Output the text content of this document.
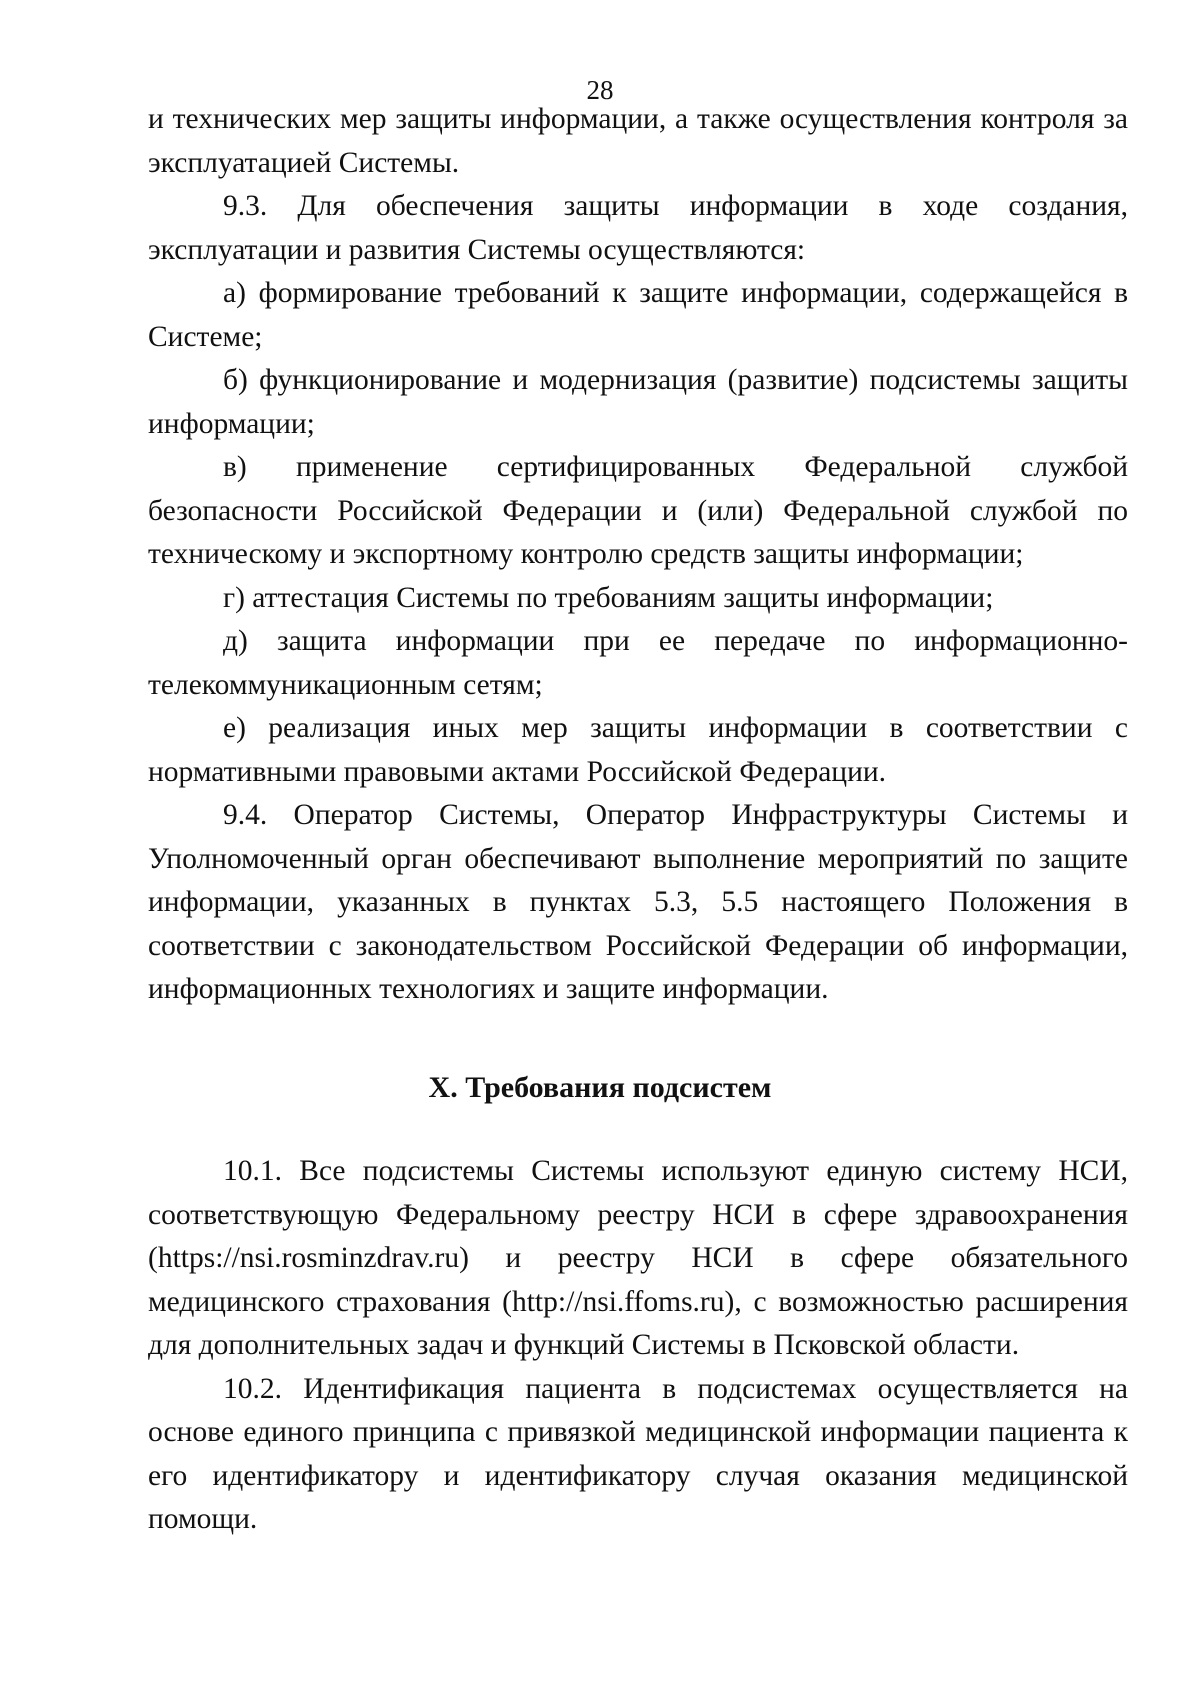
28

и технических мер защиты информации, а также осуществления контроля за эксплуатацией Системы.

9.3. Для обеспечения защиты информации в ходе создания, эксплуатации и развития Системы осуществляются:

а) формирование требований к защите информации, содержащейся в Системе;

б) функционирование и модернизация (развитие) подсистемы защиты информации;

в) применение сертифицированных Федеральной службой безопасности Российской Федерации и (или) Федеральной службой по техническому и экспортному контролю средств защиты информации;

г) аттестация Системы по требованиям защиты информации;

д) защита информации при ее передаче по информационно-телекоммуникационным сетям;

е) реализация иных мер защиты информации в соответствии с нормативными правовыми актами Российской Федерации.

9.4. Оператор Системы, Оператор Инфраструктуры Системы и Уполномоченный орган обеспечивают выполнение мероприятий по защите информации, указанных в пунктах 5.3, 5.5 настоящего Положения в соответствии с законодательством Российской Федерации об информации, информационных технологиях и защите информации.

X. Требования подсистем

10.1. Все подсистемы Системы используют единую систему НСИ, соответствующую Федеральному реестру НСИ в сфере здравоохранения (https://nsi.rosminzdrav.ru) и реестру НСИ в сфере обязательного медицинского страхования (http://nsi.ffoms.ru), с возможностью расширения для дополнительных задач и функций Системы в Псковской области.

10.2. Идентификация пациента в подсистемах осуществляется на основе единого принципа с привязкой медицинской информации пациента к его идентификатору и идентификатору случая оказания медицинской помощи.
